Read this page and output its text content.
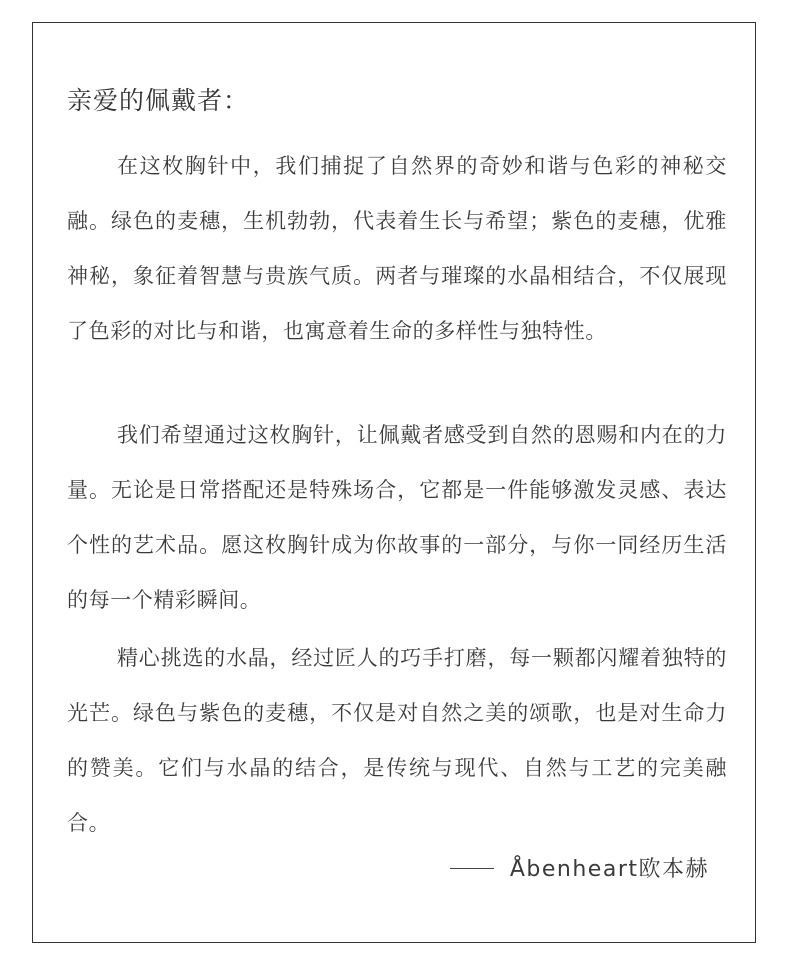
亲爱的佩戴者：

在这枚胸针中，我们捕捉了自然界的奇妙和谐与色彩的神秘交融。绿色的麦穗，生机勃勃，代表着生长与希望；紫色的麦穗，优雅神秘，象征着智慧与贵族气质。两者与璀璨的水晶相结合，不仅展现了色彩的对比与和谐，也寓意着生命的多样性与独特性。

我们希望通过这枚胸针，让佩戴者感受到自然的恩赐和内在的力量。无论是日常搭配还是特殊场合，它都是一件能够激发灵感、表达个性的艺术品。愿这枚胸针成为你故事的一部分，与你一同经历生活的每一个精彩瞬间。

精心挑选的水晶，经过匠人的巧手打磨，每一颗都闪耀着独特的光芒。绿色与紫色的麦穗，不仅是对自然之美的颂歌，也是对生命力的赞美。它们与水晶的结合，是传统与现代、自然与工艺的完美融合。

Åbenheart欧本赫
